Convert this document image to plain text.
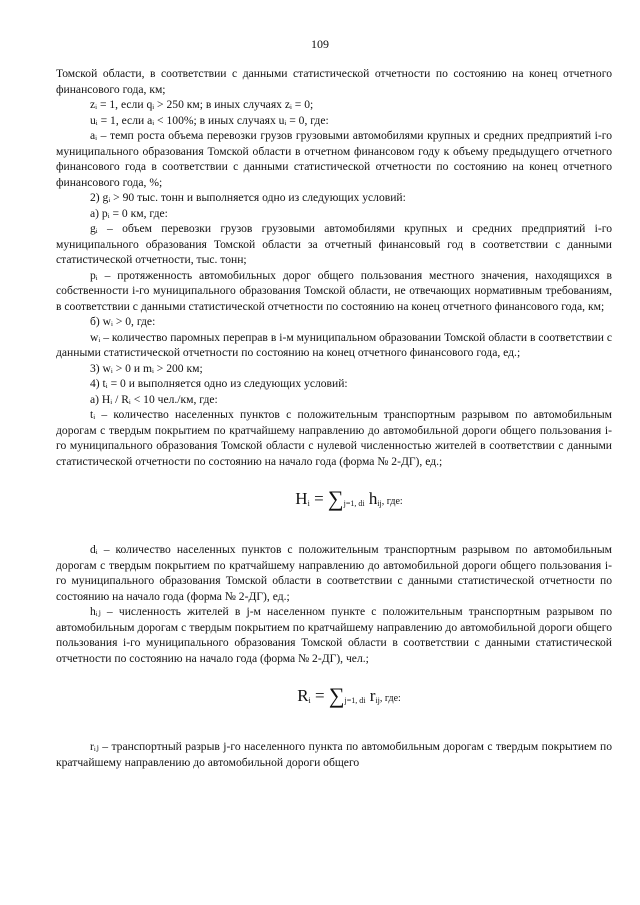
109

Томской области, в соответствии с данными статистической отчетности по состоянию на конец отчетного финансового года, км;

zᵢ = 1, если qᵢ > 250 км; в иных случаях zᵢ = 0;

uᵢ = 1, если aᵢ < 100%; в иных случаях uᵢ = 0, где:

aᵢ – темп роста объема перевозки грузов грузовыми автомобилями крупных и средних предприятий i-го муниципального образования Томской области в отчетном финансовом году к объему предыдущего отчетного финансового года в соответствии с данными статистической отчетности по состоянию на конец отчетного финансового года, %;

2) gᵢ > 90 тыс. тонн и выполняется одно из следующих условий:

а) pᵢ = 0 км, где:

gᵢ – объем перевозки грузов грузовыми автомобилями крупных и средних предприятий i-го муниципального образования Томской области за отчетный финансовый год в соответствии с данными статистической отчетности, тыс. тонн;

pᵢ – протяженность автомобильных дорог общего пользования местного значения, находящихся в собственности i-го муниципального образования Томской области, не отвечающих нормативным требованиям, в соответствии с данными статистической отчетности по состоянию на конец отчетного финансового года, км;

б) wᵢ > 0, где:

wᵢ – количество паромных переправ в i-м муниципальном образовании Томской области в соответствии с данными статистической отчетности по состоянию на конец отчетного финансового года, ед.;

3) wᵢ > 0 и mᵢ > 200 км;

4) tᵢ = 0 и выполняется одно из следующих условий:

а) Hᵢ / Rᵢ < 10 чел./км, где:

tᵢ – количество населенных пунктов с положительным транспортным разрывом по автомобильным дорогам с твердым покрытием по кратчайшему направлению до автомобильной дороги общего пользования i-го муниципального образования Томской области с нулевой численностью жителей в соответствии с данными статистической отчетности по состоянию на начало года (форма № 2-ДГ), ед.;

$H_i = \sum_{j=1, di}$ $h_{ij}$, где:

dᵢ – количество населенных пунктов с положительным транспортным разрывом по автомобильным дорогам с твердым покрытием по кратчайшему направлению до автомобильной дороги общего пользования i-го муниципального образования Томской области в соответствии с данными статистической отчетности по состоянию на начало года (форма № 2-ДГ), ед.;

hᵢⱼ – численность жителей в j-м населенном пункте с положительным транспортным разрывом по автомобильным дорогам с твердым покрытием по кратчайшему направлению до автомобильной дороги общего пользования i-го муниципального образования Томской области в соответствии с данными статистической отчетности по состоянию на начало года (форма № 2-ДГ), чел.;

$R_i = \sum_{j=1, di}$ $r_{ij}$, где:

rᵢⱼ – транспортный разрыв j-го населенного пункта по автомобильным дорогам с твердым покрытием по кратчайшему направлению до автомобильной дороги общего
